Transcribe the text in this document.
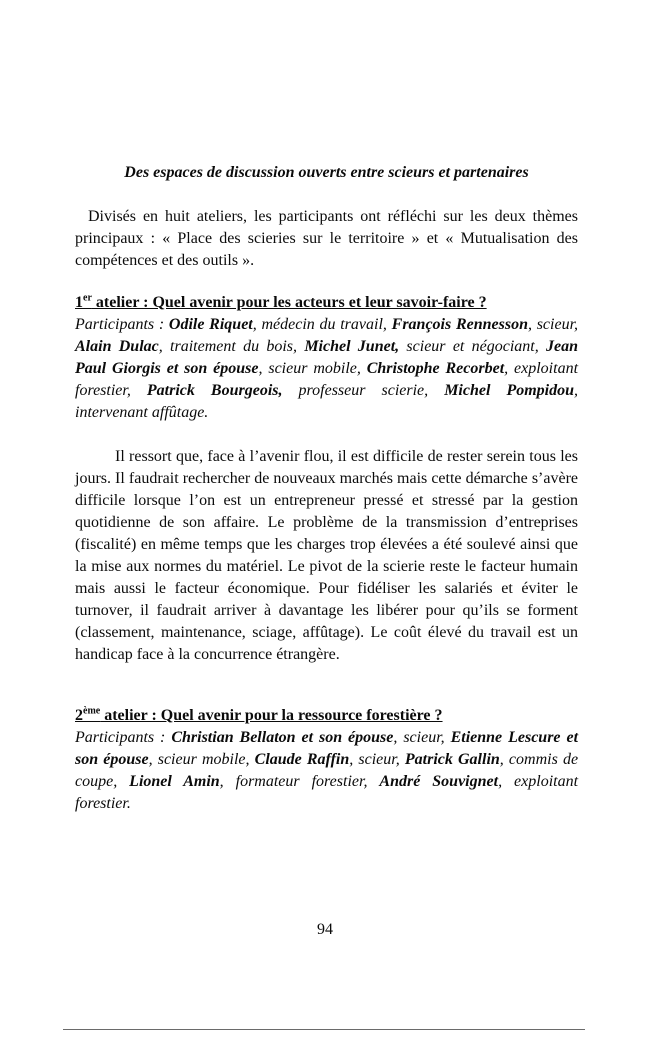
Des espaces de discussion ouverts entre scieurs et partenaires

Divisés en huit ateliers, les participants ont réfléchi sur les deux thèmes principaux : « Place des scieries sur le territoire » et « Mutualisation des compétences et des outils ».

1er atelier : Quel avenir pour les acteurs et leur savoir-faire ?

Participants : Odile Riquet, médecin du travail, François Rennesson, scieur, Alain Dulac, traitement du bois, Michel Junet, scieur et négociant, Jean Paul Giorgis et son épouse, scieur mobile, Christophe Recorbet, exploitant forestier, Patrick Bourgeois, professeur scierie, Michel Pompidou, intervenant affûtage.

Il ressort que, face à l’avenir flou, il est difficile de rester serein tous les jours. Il faudrait rechercher de nouveaux marchés mais cette démarche s’avère difficile lorsque l’on est un entrepreneur pressé et stressé par la gestion quotidienne de son affaire. Le problème de la transmission d’entreprises (fiscalité) en même temps que les charges trop élevées a été soulevé ainsi que la mise aux normes du matériel. Le pivot de la scierie reste le facteur humain mais aussi le facteur économique. Pour fidéliser les salariés et éviter le turnover, il faudrait arriver à davantage les libérer pour qu’ils se forment (classement, maintenance, sciage, affûtage). Le coût élevé du travail est un handicap face à la concurrence étrangère.

2ème atelier : Quel avenir pour la ressource forestière ?

Participants : Christian Bellaton et son épouse, scieur, Etienne Lescure et son épouse, scieur mobile, Claude Raffin, scieur, Patrick Gallin, commis de coupe, Lionel Amin, formateur forestier, André Souvignet, exploitant forestier.

94
